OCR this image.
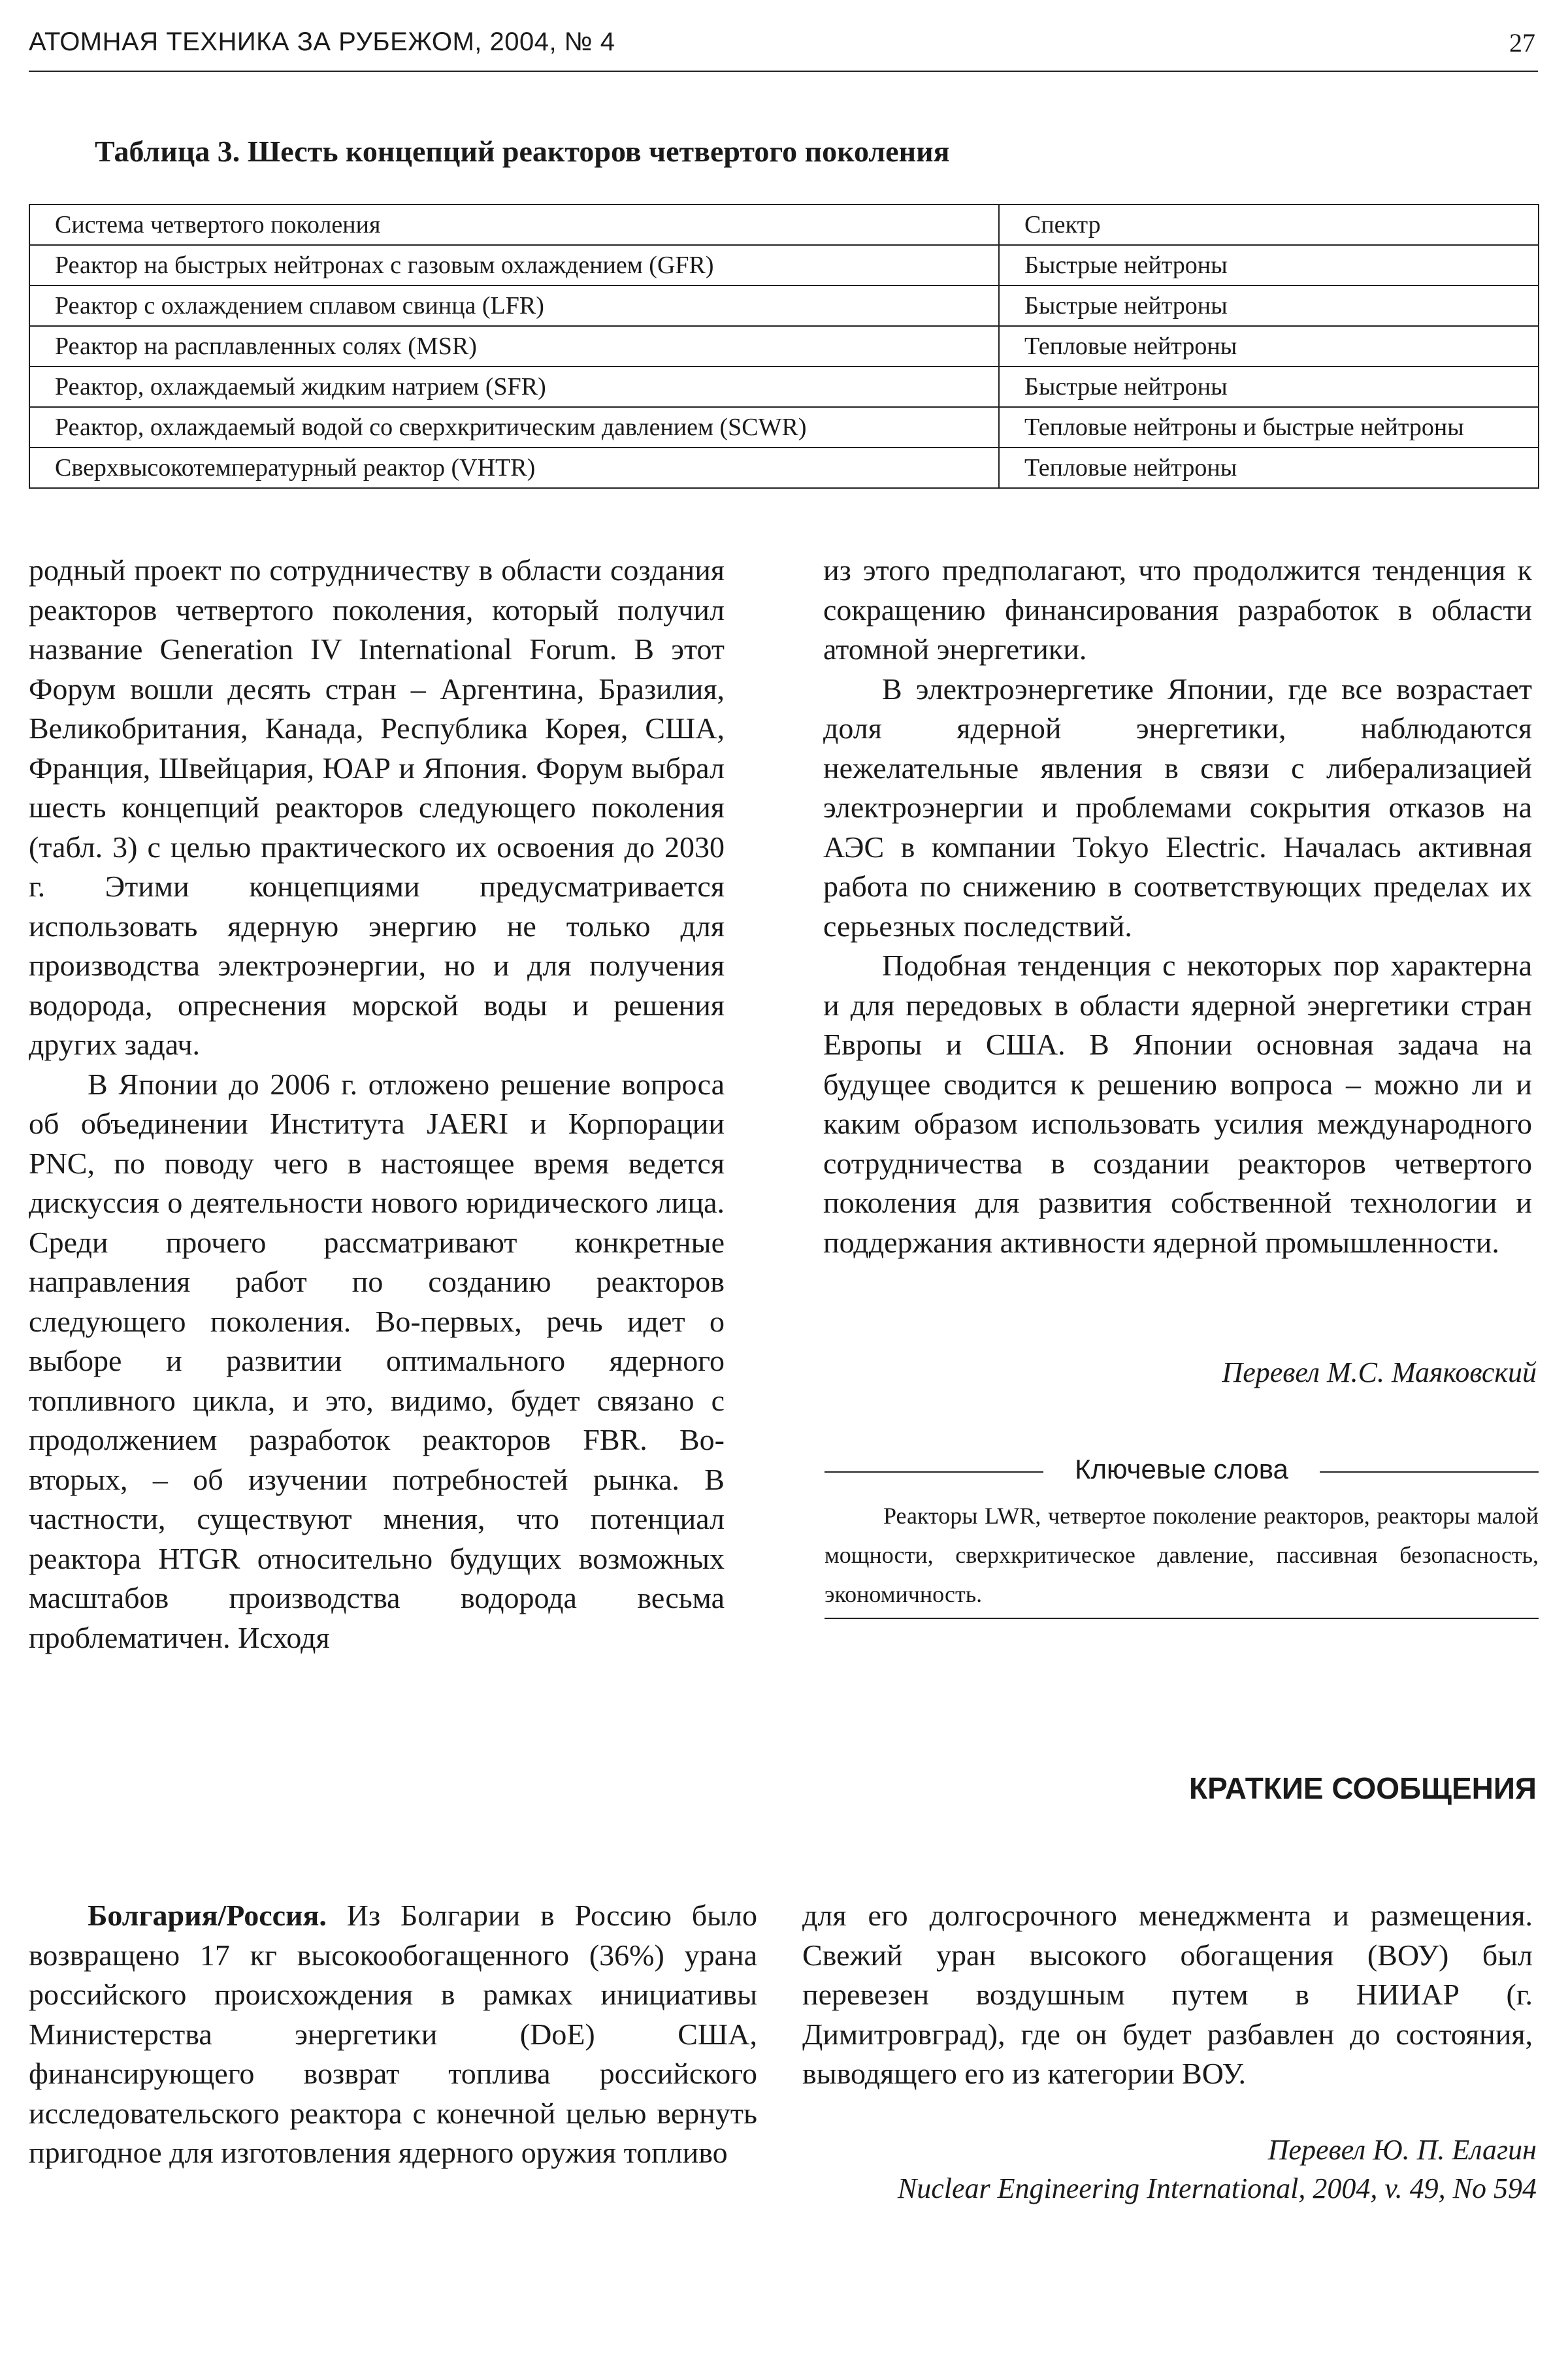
АТОМНАЯ ТЕХНИКА ЗА РУБЕЖОМ, 2004, № 4	27
Таблица 3. Шесть концепций реакторов четвертого поколения
Система четвертого поколения	Спектр
Реактор на быстрых нейтронах с газовым охлаждением (GFR)	Быстрые нейтроны
Реактор с охлаждением сплавом свинца (LFR)	Быстрые нейтроны
Реактор на расплавленных солях (MSR)	Тепловые нейтроны
Реактор, охлаждаемый жидким натрием (SFR)	Быстрые нейтроны
Реактор, охлаждаемый водой со сверхкритическим давлением (SCWR)	Тепловые нейтроны и быстрые нейтроны
Сверхвысокотемпературный реактор (VHTR)	Тепловые нейтроны

родный проект по сотрудничеству в области создания реакторов четвертого поколения, который получил название Generation IV International Forum. В этот Форум вошли десять стран – Аргентина, Бразилия, Великобритания, Канада, Республика Корея, США, Франция, Швейцария, ЮАР и Япония. Форум выбрал шесть концепций реакторов следующего поколения (табл. 3) с целью практического их освоения до 2030 г. Этими концепциями предусматривается использовать ядерную энергию не только для производства электроэнергии, но и для получения водорода, опреснения морской воды и решения других задач.

В Японии до 2006 г. отложено решение вопроса об объединении Института JAERI и Корпорации PNC, по поводу чего в настоящее время ведется дискуссия о деятельности нового юридического лица. Среди прочего рассматривают конкретные направления работ по созданию реакторов следующего поколения. Во-первых, речь идет о выборе и развитии оптимального ядерного топливного цикла, и это, видимо, будет связано с продолжением разработок реакторов FBR. Во-вторых, – об изучении потребностей рынка. В частности, существуют мнения, что потенциал реактора HTGR относительно будущих возможных масштабов производства водорода весьма проблематичен. Исходя

из этого предполагают, что продолжится тенденция к сокращению финансирования разработок в области атомной энергетики.

В электроэнергетике Японии, где все возрастает доля ядерной энергетики, наблюдаются нежелательные явления в связи с либерализацией электроэнергии и проблемами сокрытия отказов на АЭС в компании Tokyo Electric. Началась активная работа по снижению в соответствующих пределах их серьезных последствий.

Подобная тенденция с некоторых пор характерна и для передовых в области ядерной энергетики стран Европы и США. В Японии основная задача на будущее сводится к решению вопроса – можно ли и каким образом использовать усилия международного сотрудничества в создании реакторов четвертого поколения для развития собственной технологии и поддержания активности ядерной промышленности.

Перевел М.С. Маяковский
Ключевые слова
Реакторы LWR, четвертое поколение реакторов, реакторы малой мощности, сверхкритическое давление, пассивная безопасность, экономичность.
КРАТКИЕ СООБЩЕНИЯ

Болгария/Россия. Из Болгарии в Россию было возвращено 17 кг высокообогащенного (36%) урана российского происхождения в рамках инициативы Министерства энергетики (DoE) США, финансирующего возврат топлива российского исследовательского реактора с конечной целью вернуть пригодное для изготовления ядерного оружия топливо

для его долгосрочного менеджмента и размещения. Свежий уран высокого обогащения (ВОУ) был перевезен воздушным путем в НИИАР (г. Димитровград), где он будет разбавлен до состояния, выводящего его из категории ВОУ.

Перевел Ю. П. Елагин
Nuclear Engineering International, 2004, v. 49, No 594
